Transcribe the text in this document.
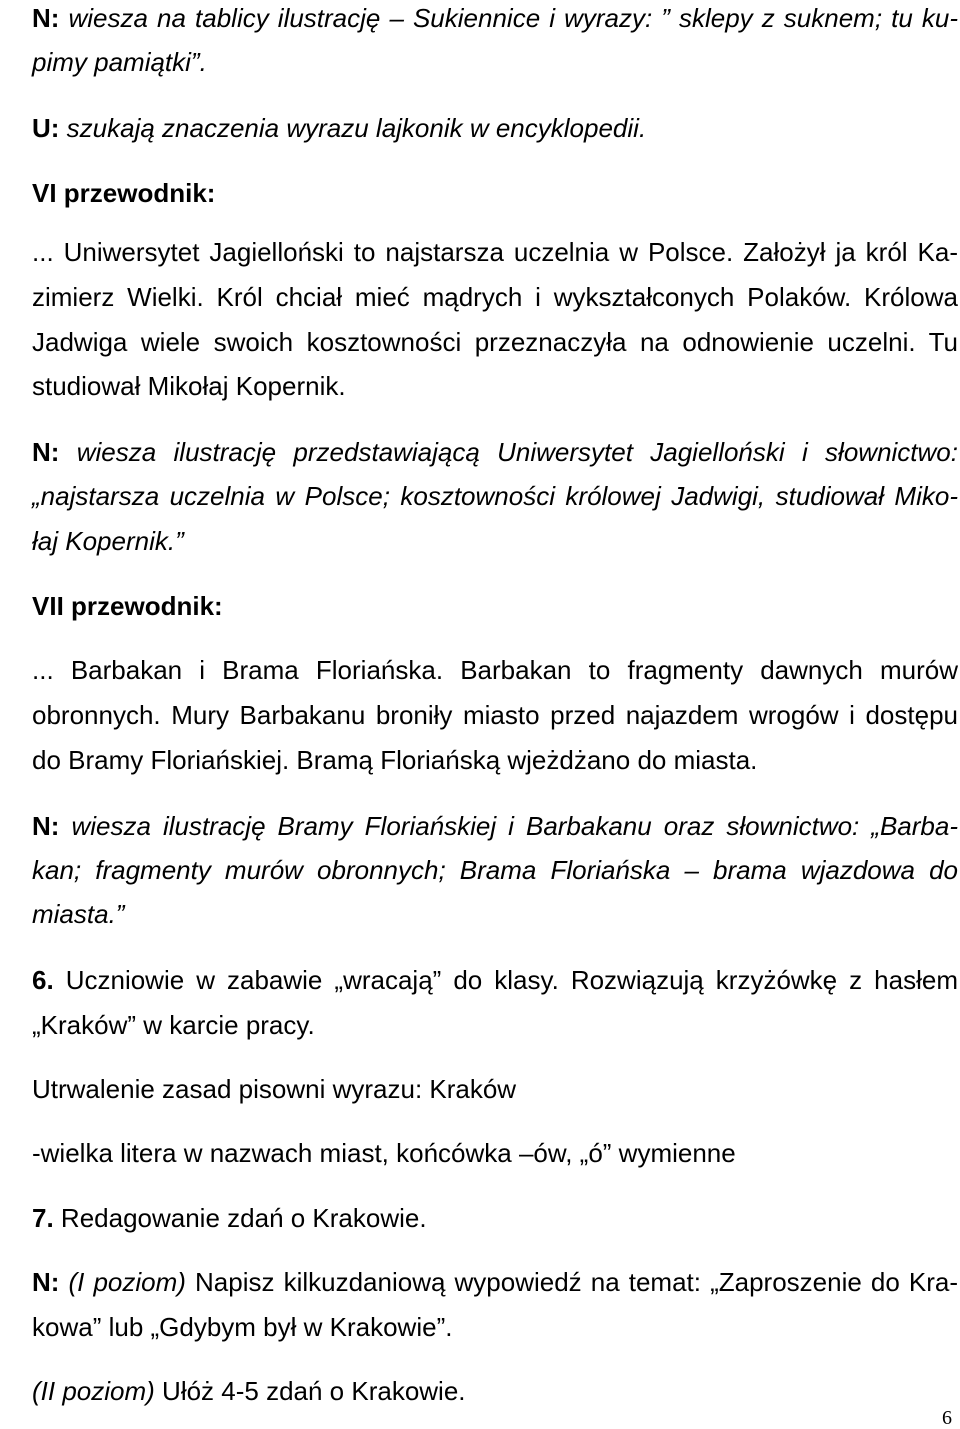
N: wiesza na tablicy ilustrację – Sukiennice i wyrazy: ” sklepy z suknem; tu ku-
pimy pamiątki”.
U: szukają znaczenia wyrazu lajkonik w encyklopedii.
VI przewodnik:
... Uniwersytet Jagielloński to najstarsza uczelnia w Polsce. Założył ja król Ka-
zimierz Wielki. Król chciał mieć mądrych i wykształconych Polaków. Królowa
Jadwiga wiele swoich kosztowności przeznaczyła na odnowienie uczelni. Tu
studiował Mikołaj Kopernik.
N: wiesza ilustrację przedstawiającą Uniwersytet Jagielloński i słownictwo:
„najstarsza uczelnia w Polsce; kosztowności królowej Jadwigi, studiował Miko-
łaj Kopernik.”
VII przewodnik:
... Barbakan i Brama Floriańska. Barbakan to fragmenty dawnych murów
obronnych. Mury Barbakanu broniły miasto przed najazdem wrogów i dostępu
do Bramy Floriańskiej. Bramą Floriańską wjeżdżano do miasta.
N: wiesza ilustrację Bramy Floriańskiej i Barbakanu oraz słownictwo: „Barba-
kan; fragmenty murów obronnych; Brama Floriańska – brama wjazdowa do
miasta.”
6. Uczniowie w zabawie „wracają” do klasy. Rozwiązują krzyżówkę z hasłem
„Kraków” w karcie pracy.
Utrwalenie zasad pisowni wyrazu: Kraków
-wielka litera w nazwach miast, końcówka –ów, „ó” wymienne
7. Redagowanie zdań o Krakowie.
N: (I poziom) Napisz kilkuzdaniową wypowiedź na temat: „Zaproszenie do Kra-
kowa” lub „Gdybym był w Krakowie”.
(II poziom) Ułóż 4-5 zdań o Krakowie.
6
